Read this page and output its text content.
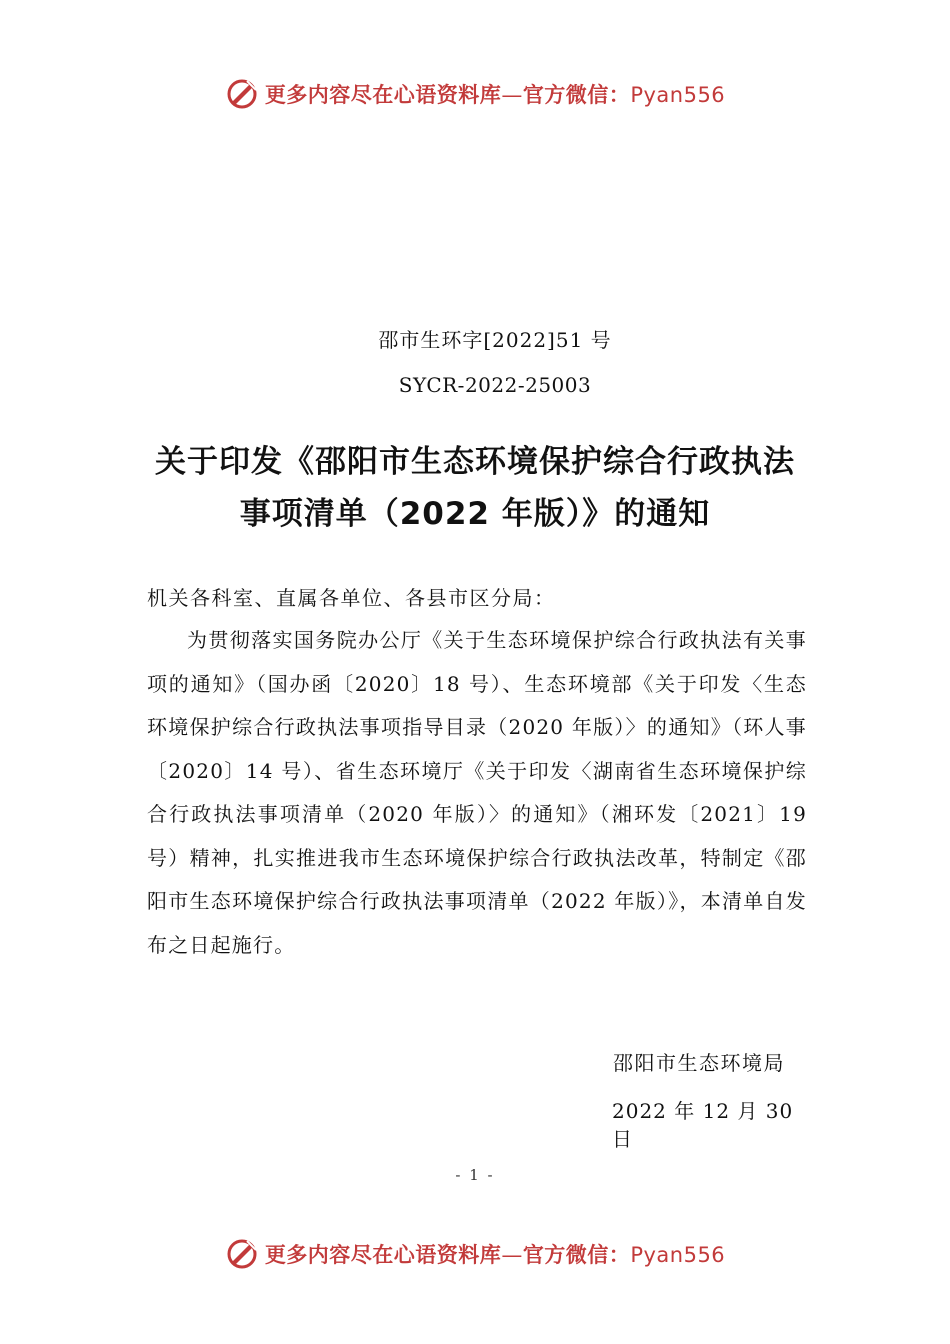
更多内容尽在心语资料库—官方微信：Pyan556
邵市生环字[2022]51 号
SYCR-2022-25003
关于印发《邵阳市生态环境保护综合行政执法
事项清单（2022 年版）》的通知
机关各科室、直属各单位、各县市区分局：
为贯彻落实国务院办公厅《关于生态环境保护综合行政执法有关事项的通知》（国办函〔2020〕18 号）、生态环境部《关于印发〈生态环境保护综合行政执法事项指导目录（2020 年版）〉的通知》（环人事〔2020〕14 号）、省生态环境厅《关于印发〈湖南省生态环境保护综合行政执法事项清单（2020 年版）〉的通知》（湘环发〔2021〕19 号）精神，扎实推进我市生态环境保护综合行政执法改革，特制定《邵阳市生态环境保护综合行政执法事项清单（2022 年版）》，本清单自发布之日起施行。
邵阳市生态环境局
2022 年 12 月 30 日
- 1 -
更多内容尽在心语资料库—官方微信：Pyan556
